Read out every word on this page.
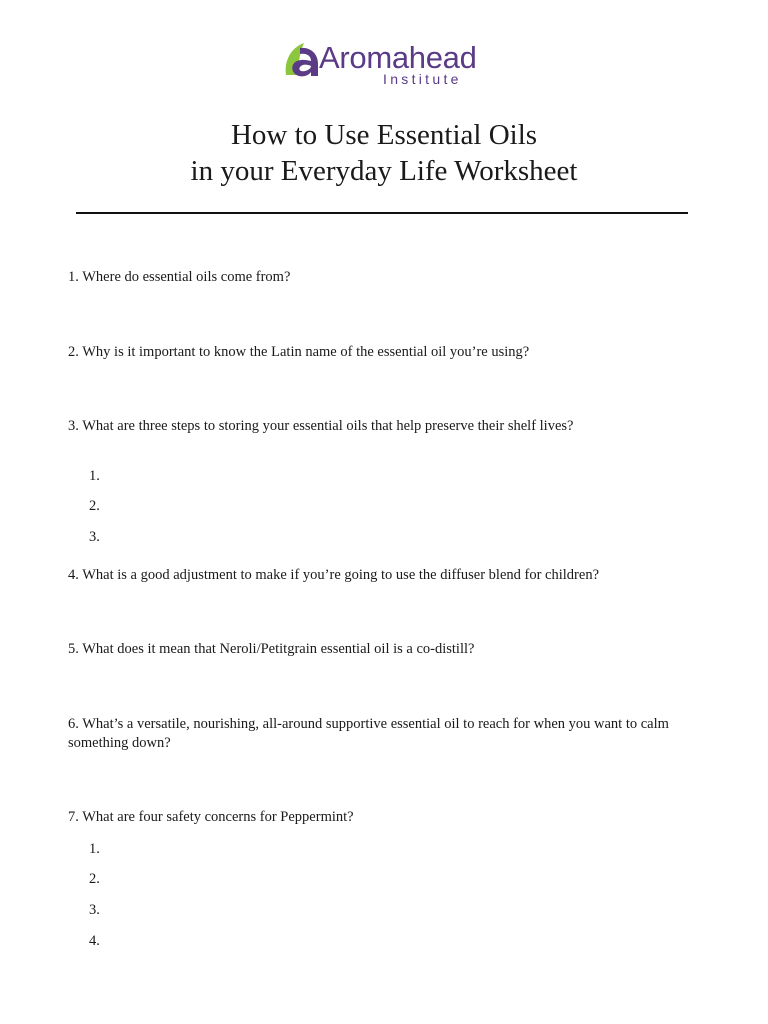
Aromahead
Institute
How to Use Essential Oils
in your Everyday Life Worksheet

1. Where do essential oils come from?

2. Why is it important to know the Latin name of the essential oil you’re using?

3. What are three steps to storing your essential oils that help preserve their shelf lives?

1.

2.

3.

4. What is a good adjustment to make if you’re going to use the diffuser blend for children?

5. What does it mean that Neroli/Petitgrain essential oil is a co-distill?

6. What’s a versatile, nourishing, all-around supportive essential oil to reach for when you want to calm something down?

7. What are four safety concerns for Peppermint?

1.

2.

3.

4.
